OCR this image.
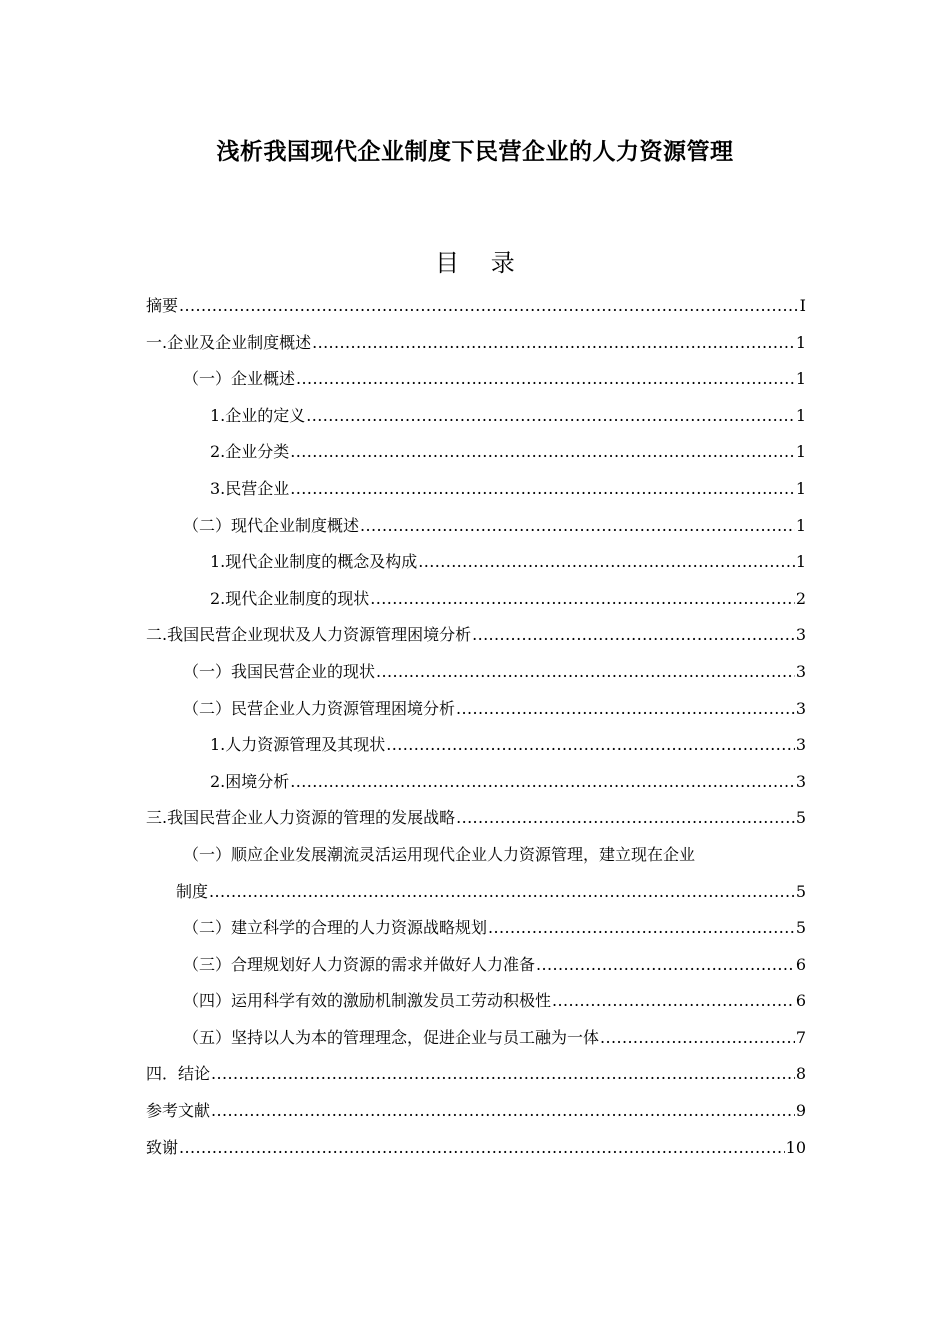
浅析我国现代企业制度下民营企业的人力资源管理
目 录
摘要 .....	I
一.企业及企业制度概述 .....	1
（一）企业概述 .....	1
1.企业的定义 .....	1
2.企业分类 .....	1
3.民营企业 .....	1
（二）现代企业制度概述 .....	1
1.现代企业制度的概念及构成 .....	1
2.现代企业制度的现状 .....	2
二.我国民营企业现状及人力资源管理困境分析 .....	3
（一）我国民营企业的现状 .....	3
（二）民营企业人力资源管理困境分析 .....	3
1.人力资源管理及其现状 .....	3
2.困境分析 .....	3
三.我国民营企业人力资源的管理的发展战略 .....	5
（一）顺应企业发展潮流灵活运用现代企业人力资源管理，建立现在企业
制度 .....	5
（二）建立科学的合理的人力资源战略规划 .....	5
（三）合理规划好人力资源的需求并做好人力准备 .....	6
（四）运用科学有效的激励机制激发员工劳动积极性 .....	6
（五）坚持以人为本的管理理念，促进企业与员工融为一体 .....	7
四．结论 .....	8
参考文献 .....	9
致谢 .....	10
